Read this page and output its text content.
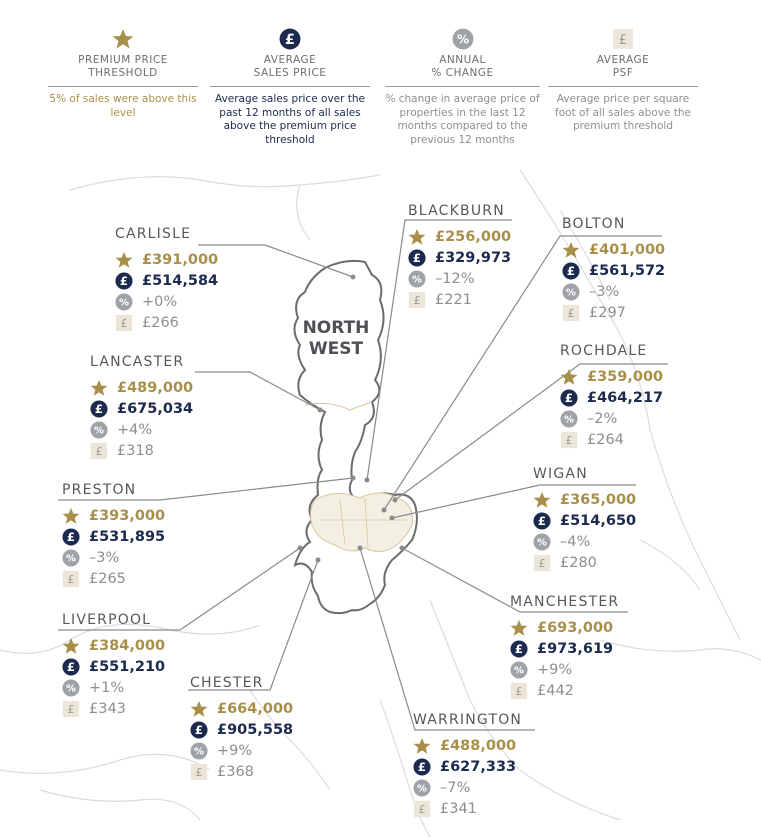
PREMIUM PRICE
THRESHOLD
5% of sales were above this level
£
AVERAGE
SALES PRICE
Average sales price over the past 12 months of all sales above the premium price threshold
%
ANNUAL
% CHANGE
% change in average price of properties in the last 12 months compared to the previous 12 months
£
AVERAGE
PSF
Average price per square foot of all sales above the premium threshold
NORTH
WEST
CARLISLE
£391,000
£ £514,584
% +0%
£ £266
BLACKBURN
£256,000
£ £329,973
% –12%
£ £221
BOLTON
£401,000
£ £561,572
% –3%
£ £297
LANCASTER
£489,000
£ £675,034
% +4%
£ £318
ROCHDALE
£359,000
£ £464,217
% –2%
£ £264
PRESTON
£393,000
£ £531,895
% –3%
£ £265
WIGAN
£365,000
£ £514,650
% –4%
£ £280
LIVERPOOL
£384,000
£ £551,210
% +1%
£ £343
MANCHESTER
£693,000
£ £973,619
% +9%
£ £442
CHESTER
£664,000
£ £905,558
% +9%
£ £368
WARRINGTON
£488,000
£ £627,333
% –7%
£ £341
